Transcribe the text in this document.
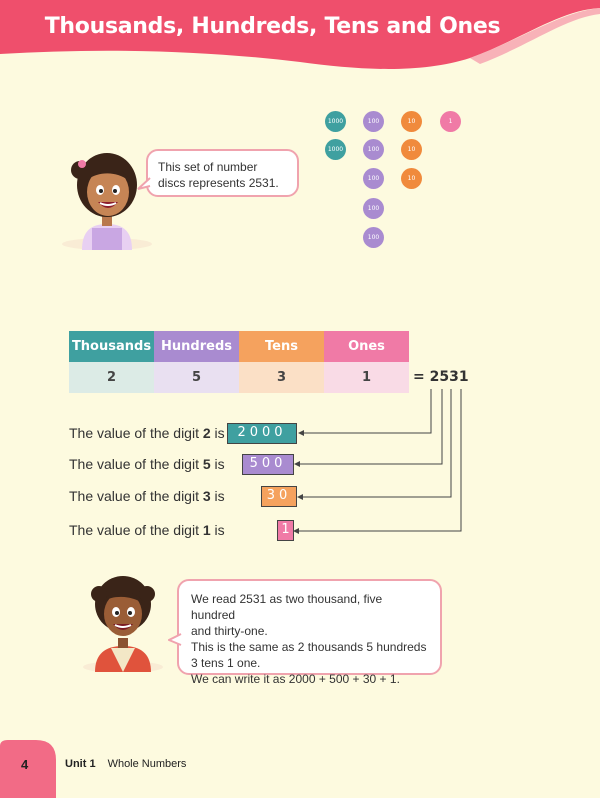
Thousands, Hundreds, Tens and Ones
This set of number discs represents 2531.
1000
1000
100
100
100
100
100
10
10
10
1
Thousands	Hundreds	Tens	Ones
2	5	3	1	= 2531
The value of the digit 2 is 2000
The value of the digit 5 is	500
The value of the digit 3 is	30
The value of the digit 1 is	1
We read 2531 as two thousand, five hundred
and thirty-one.
This is the same as 2 thousands 5 hundreds
3 tens 1 one.
We can write it as 2000 + 500 + 30 + 1.
4	Unit 1 Whole Numbers
